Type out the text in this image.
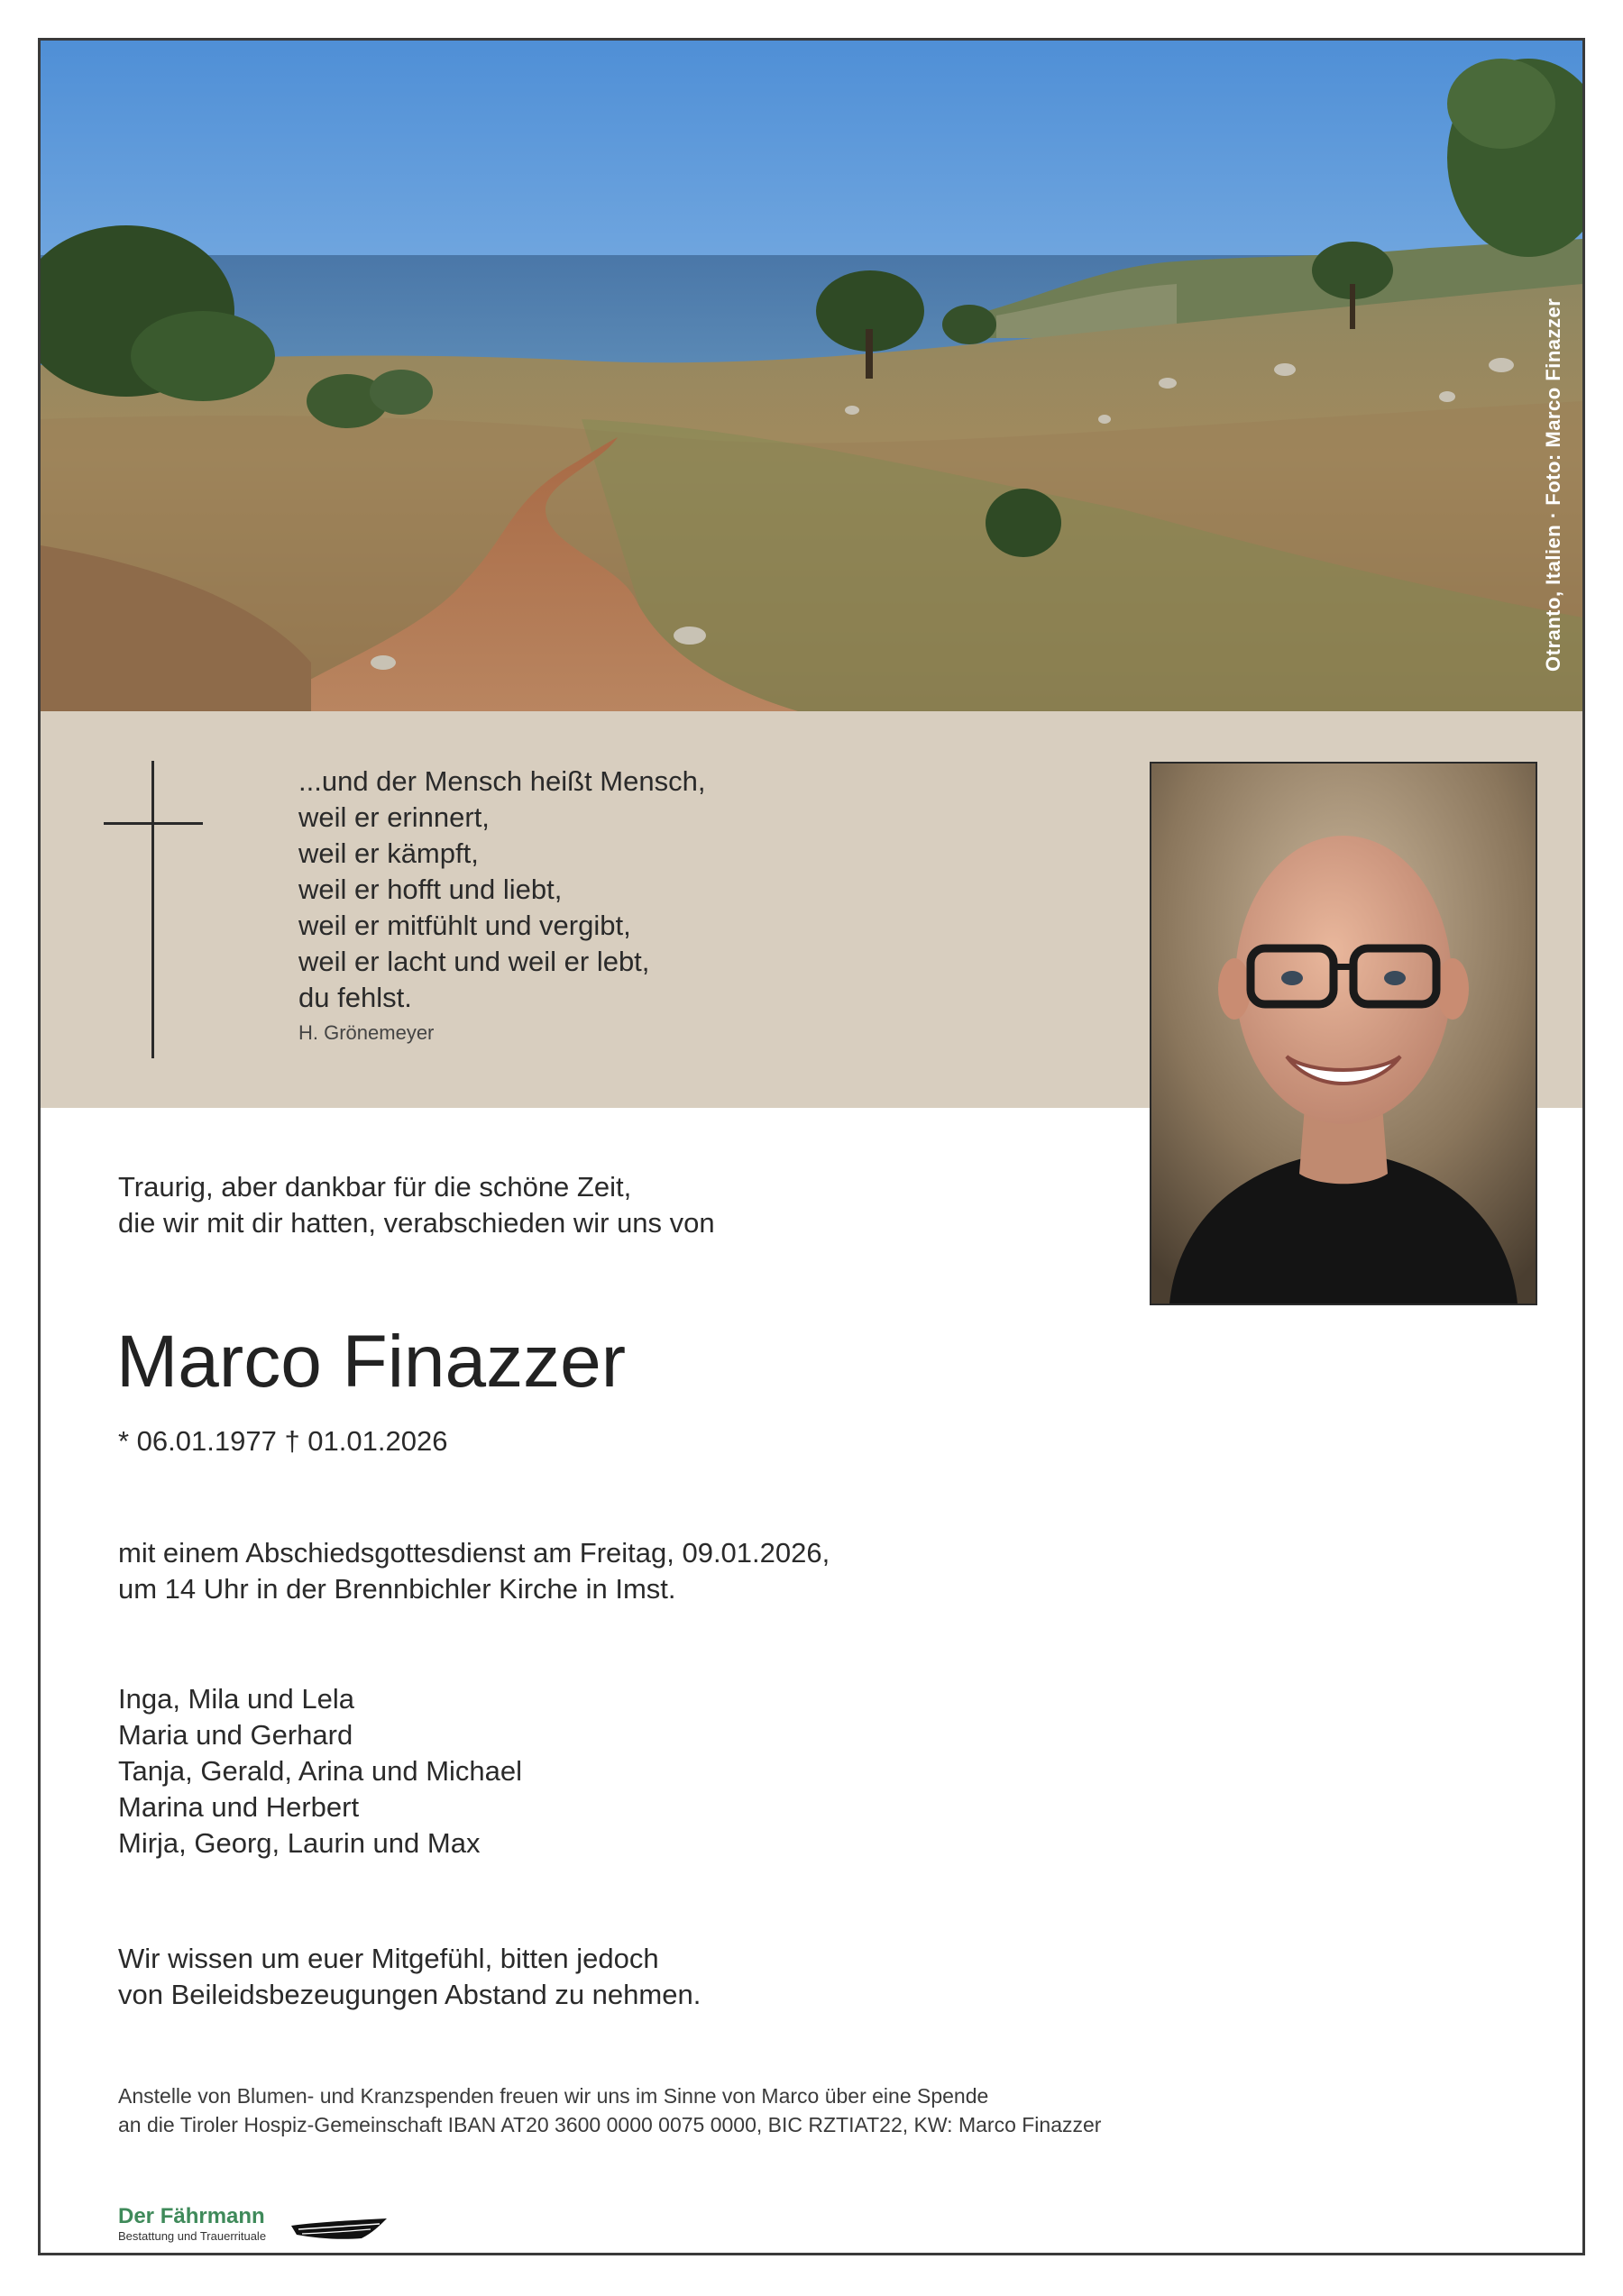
Otranto, Italien · Foto: Marco Finazzer
...und der Mensch heißt Mensch,
weil er erinnert,
weil er kämpft,
weil er hofft und liebt,
weil er mitfühlt und vergibt,
weil er lacht und weil er lebt,
du fehlst.
H. Grönemeyer
Traurig, aber dankbar für die schöne Zeit,
die wir mit dir hatten, verabschieden wir uns von
Marco Finazzer
* 06.01.1977 † 01.01.2026
mit einem Abschiedsgottesdienst am Freitag, 09.01.2026,
um 14 Uhr in der Brennbichler Kirche in Imst.
Inga, Mila und Lela
Maria und Gerhard
Tanja, Gerald, Arina und Michael
Marina und Herbert
Mirja, Georg, Laurin und Max
Wir wissen um euer Mitgefühl, bitten jedoch
von Beileidsbezeugungen Abstand zu nehmen.
Anstelle von Blumen- und Kranzspenden freuen wir uns im Sinne von Marco über eine Spende
an die Tiroler Hospiz-Gemeinschaft IBAN AT20 3600 0000 0075 0000, BIC RZTIAT22, KW: Marco Finazzer
Der Fährmann
Bestattung und Trauerrituale
